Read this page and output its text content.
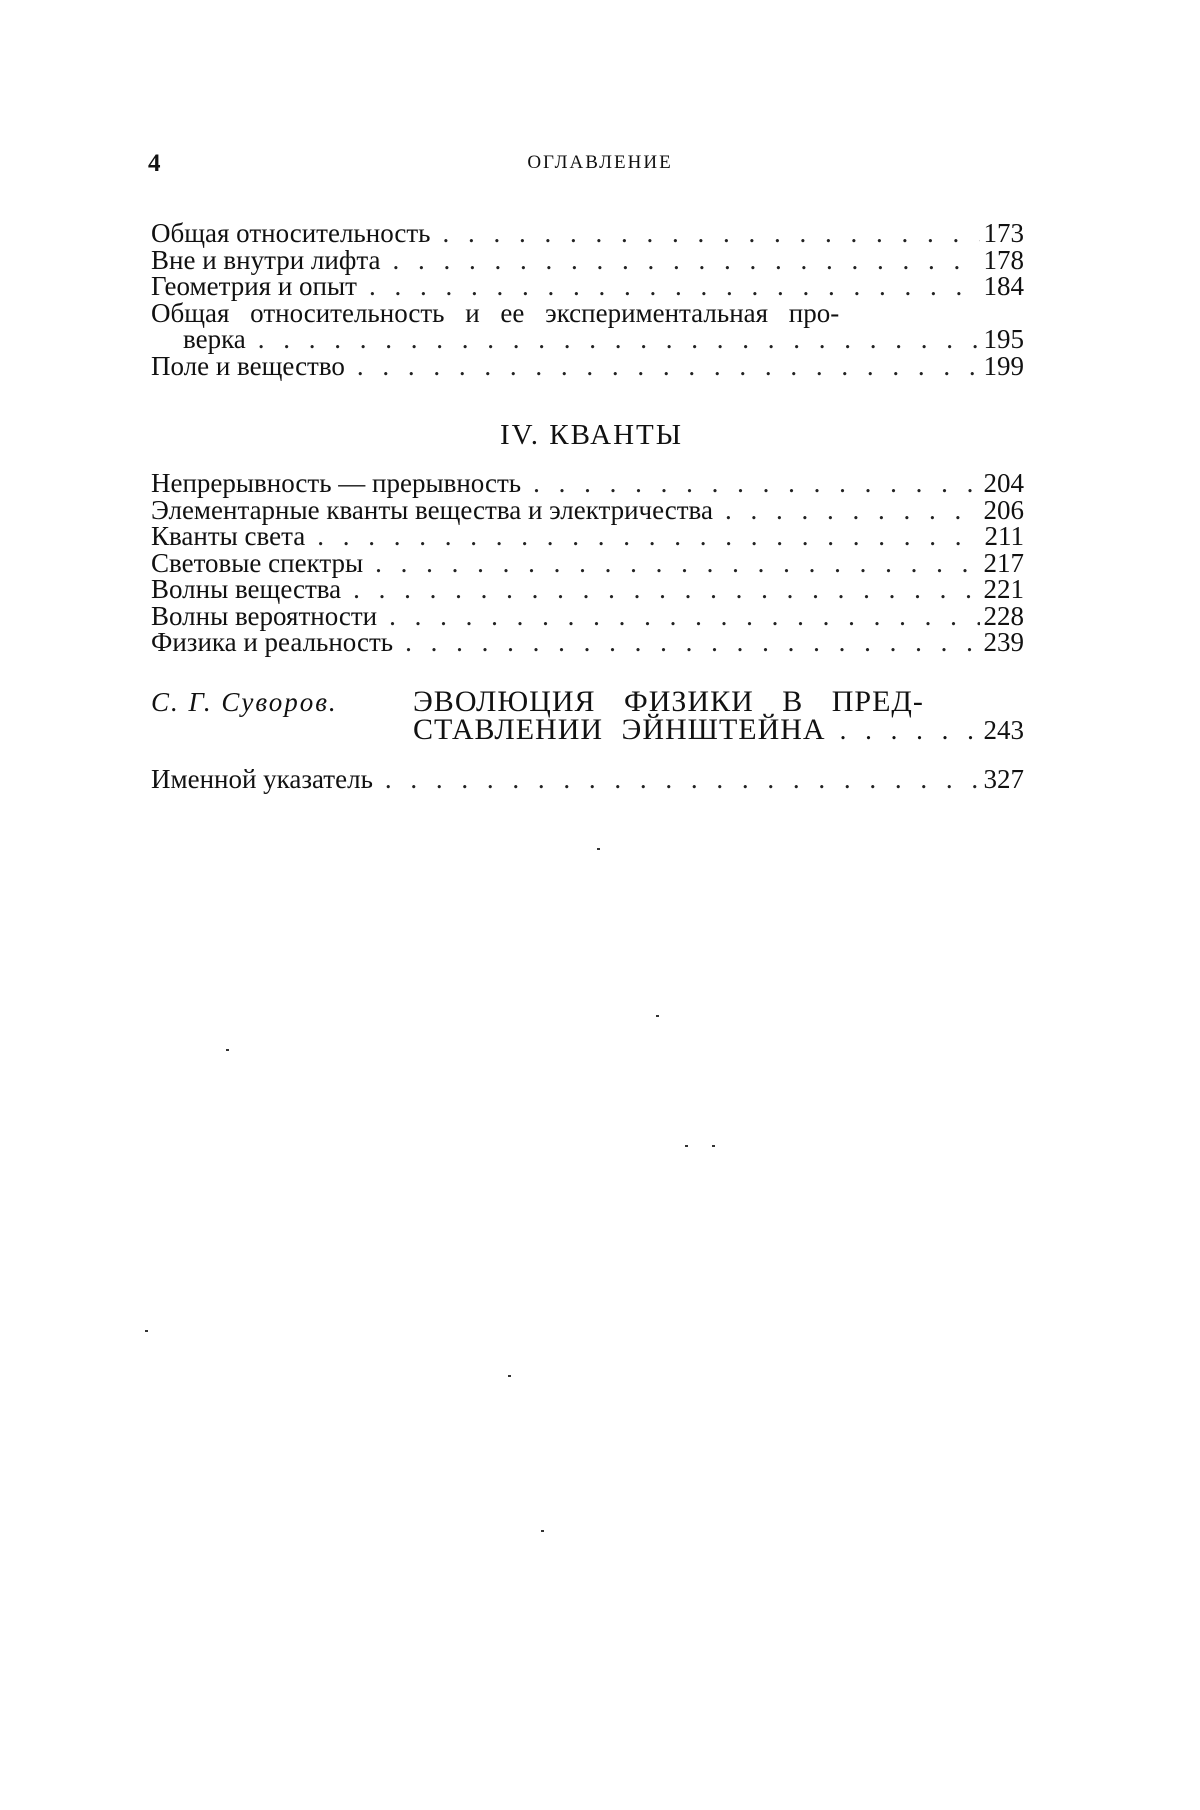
4	ОГЛАВЛЕНИЕ
Общая относительность . . .	173
Вне и внутри лифта . . .	178
Геометрия и опыт . . .	184
Общая относительность и ее экспериментальная про-
верка . . .	195
Поле и вещество . . .	199
IV. КВАНТЫ
Непрерывность — прерывность . . .	204
Элементарные кванты вещества и электричества . . .	206
Кванты света . . .	211
Световые спектры . . .	217
Волны вещества . . .	221
Волны вероятности . . .	228
Физика и реальность . . .	239
С. Г. Суворов.	ЭВОЛЮЦИЯ ФИЗИКИ В ПРЕД-
СТАВЛЕНИИ ЭЙНШТЕЙНА . . .	243
Именной указатель . . .	327
